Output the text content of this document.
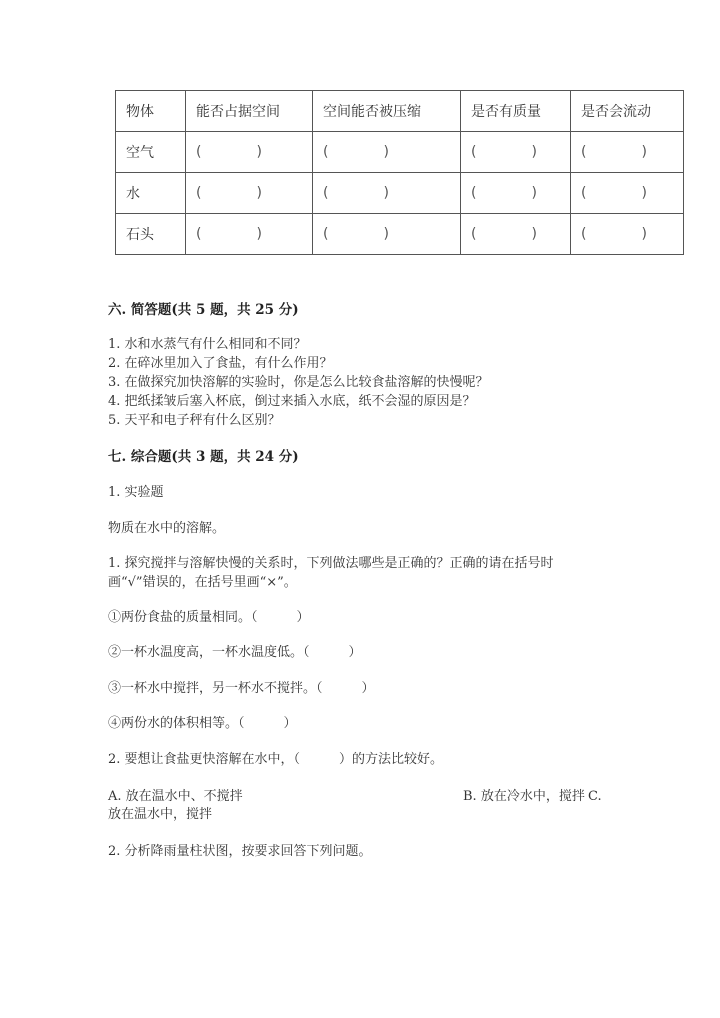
物体	能否占据空间	空间能否被压缩	是否有质量	是否会流动
空气	( )	( )	( )	( )

水	( )	( )	( )	( )

石头	( )	( )	( )	( )
六. 简答题(共 5 题，共 25 分)
1. 水和水蒸气有什么相同和不同？
2. 在碎冰里加入了食盐，有什么作用？
3. 在做探究加快溶解的实验时，你是怎么比较食盐溶解的快慢呢？
4. 把纸揉皱后塞入杯底，倒过来插入水底，纸不会湿的原因是？
5. 天平和电子秤有什么区别？
七. 综合题(共 3 题，共 24 分)
1. 实验题
物质在水中的溶解。
1. 探究搅拌与溶解快慢的关系时，下列做法哪些是正确的？正确的请在括号时
画“√”错误的，在括号里画“×”。
①两份食盐的质量相同。（　　　）
②一杯水温度高，一杯水温度低。（　　　）
③一杯水中搅拌，另一杯水不搅拌。（　　　）
④两份水的体积相等。（　　　）
2. 要想让食盐更快溶解在水中，（　　　）的方法比较好。
A. 放在温水中、不搅拌	B. 放在冷水中，搅拌 C.
放在温水中，搅拌
2. 分析降雨量柱状图，按要求回答下列问题。
